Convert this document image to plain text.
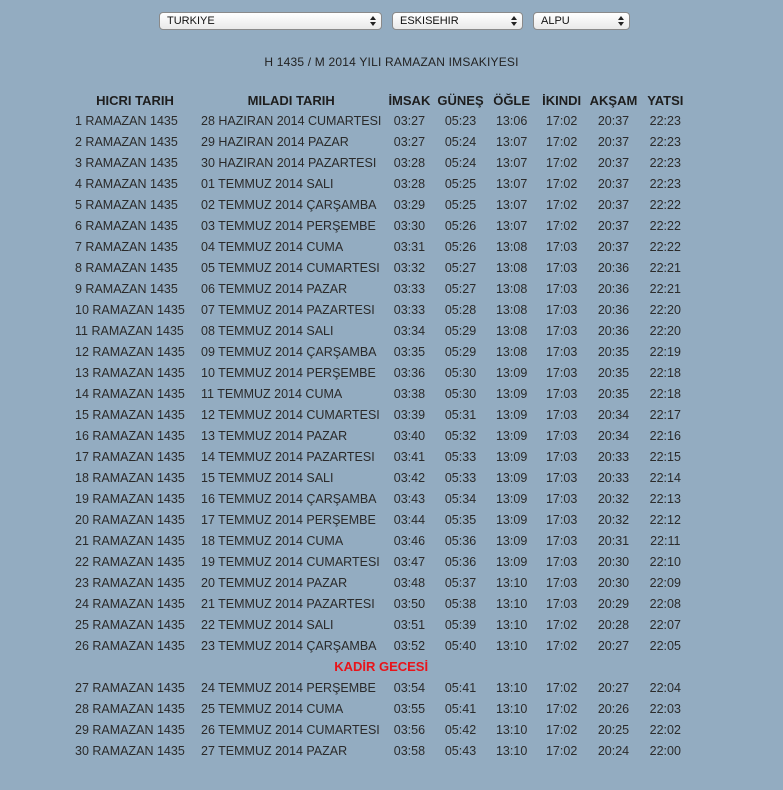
TURKIYE	ESKISEHIR	ALPU
H 1435 / M 2014 YILI RAMAZAN IMSAKIYESI
HICRI TARIH	MILADI TARIH	İMSAK	GÜNEŞ	ÖĞLE	İKINDI	AKŞAM	YATSI
1 RAMAZAN 1435	28 HAZIRAN 2014 CUMARTESI	03:27	05:23	13:06	17:02	20:37	22:23
2 RAMAZAN 1435	29 HAZIRAN 2014 PAZAR	03:27	05:24	13:07	17:02	20:37	22:23
3 RAMAZAN 1435	30 HAZIRAN 2014 PAZARTESI	03:28	05:24	13:07	17:02	20:37	22:23
4 RAMAZAN 1435	01 TEMMUZ 2014 SALI	03:28	05:25	13:07	17:02	20:37	22:23
5 RAMAZAN 1435	02 TEMMUZ 2014 ÇARŞAMBA	03:29	05:25	13:07	17:02	20:37	22:22
6 RAMAZAN 1435	03 TEMMUZ 2014 PERŞEMBE	03:30	05:26	13:07	17:02	20:37	22:22
7 RAMAZAN 1435	04 TEMMUZ 2014 CUMA	03:31	05:26	13:08	17:03	20:37	22:22
8 RAMAZAN 1435	05 TEMMUZ 2014 CUMARTESI	03:32	05:27	13:08	17:03	20:36	22:21
9 RAMAZAN 1435	06 TEMMUZ 2014 PAZAR	03:33	05:27	13:08	17:03	20:36	22:21
10 RAMAZAN 1435	07 TEMMUZ 2014 PAZARTESI	03:33	05:28	13:08	17:03	20:36	22:20
11 RAMAZAN 1435	08 TEMMUZ 2014 SALI	03:34	05:29	13:08	17:03	20:36	22:20
12 RAMAZAN 1435	09 TEMMUZ 2014 ÇARŞAMBA	03:35	05:29	13:08	17:03	20:35	22:19
13 RAMAZAN 1435	10 TEMMUZ 2014 PERŞEMBE	03:36	05:30	13:09	17:03	20:35	22:18
14 RAMAZAN 1435	11 TEMMUZ 2014 CUMA	03:38	05:30	13:09	17:03	20:35	22:18
15 RAMAZAN 1435	12 TEMMUZ 2014 CUMARTESI	03:39	05:31	13:09	17:03	20:34	22:17
16 RAMAZAN 1435	13 TEMMUZ 2014 PAZAR	03:40	05:32	13:09	17:03	20:34	22:16
17 RAMAZAN 1435	14 TEMMUZ 2014 PAZARTESI	03:41	05:33	13:09	17:03	20:33	22:15
18 RAMAZAN 1435	15 TEMMUZ 2014 SALI	03:42	05:33	13:09	17:03	20:33	22:14
19 RAMAZAN 1435	16 TEMMUZ 2014 ÇARŞAMBA	03:43	05:34	13:09	17:03	20:32	22:13
20 RAMAZAN 1435	17 TEMMUZ 2014 PERŞEMBE	03:44	05:35	13:09	17:03	20:32	22:12
21 RAMAZAN 1435	18 TEMMUZ 2014 CUMA	03:46	05:36	13:09	17:03	20:31	22:11
22 RAMAZAN 1435	19 TEMMUZ 2014 CUMARTESI	03:47	05:36	13:09	17:03	20:30	22:10
23 RAMAZAN 1435	20 TEMMUZ 2014 PAZAR	03:48	05:37	13:10	17:03	20:30	22:09
24 RAMAZAN 1435	21 TEMMUZ 2014 PAZARTESI	03:50	05:38	13:10	17:03	20:29	22:08
25 RAMAZAN 1435	22 TEMMUZ 2014 SALI	03:51	05:39	13:10	17:02	20:28	22:07
26 RAMAZAN 1435	23 TEMMUZ 2014 ÇARŞAMBA	03:52	05:40	13:10	17:02	20:27	22:05
KADİR GECESİ							
27 RAMAZAN 1435	24 TEMMUZ 2014 PERŞEMBE	03:54	05:41	13:10	17:02	20:27	22:04
28 RAMAZAN 1435	25 TEMMUZ 2014 CUMA	03:55	05:41	13:10	17:02	20:26	22:03
29 RAMAZAN 1435	26 TEMMUZ 2014 CUMARTESI	03:56	05:42	13:10	17:02	20:25	22:02
30 RAMAZAN 1435	27 TEMMUZ 2014 PAZAR	03:58	05:43	13:10	17:02	20:24	22:00
